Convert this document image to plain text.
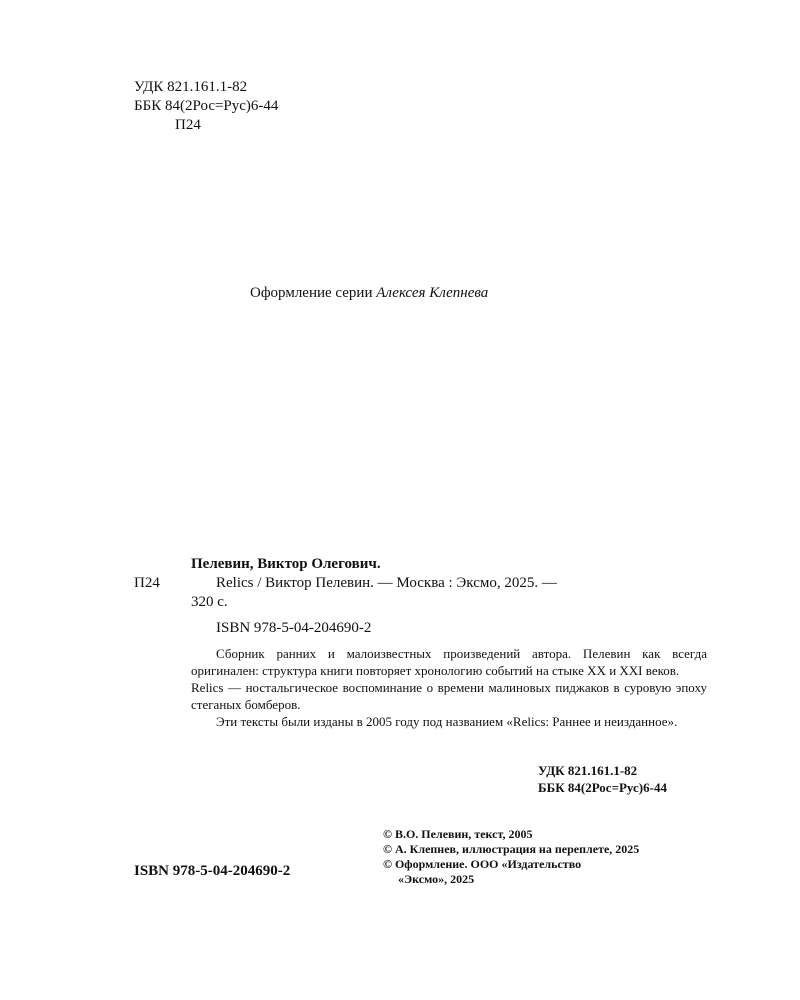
УДК 821.161.1-82
ББК 84(2Рос=Рус)6-44
П24
Оформление серии Алексея Клепнева
Пелевин, Виктор Олегович.
П24	Relics / Виктор Пелевин. — Москва : Эксмо, 2025. —
320 с.
ISBN 978-5-04-204690-2
Сборник ранних и малоизвестных произведений автора. Пелевин как всегда оригинален: структура книги повторяет хронологию событий на стыке XX и XXI веков.
Relics — ностальгическое воспоминание о времени малиновых пиджаков в суровую эпоху стеганых бомберов.
Эти тексты были изданы в 2005 году под названием «Relics: Раннее и неизданное».
УДК 821.161.1-82
ББК 84(2Рос=Рус)6-44
© В.О. Пелевин, текст, 2005
© А. Клепнев, иллюстрация на переплете, 2025
© Оформление. ООО «Издательство
«Эксмо», 2025
ISBN 978-5-04-204690-2
